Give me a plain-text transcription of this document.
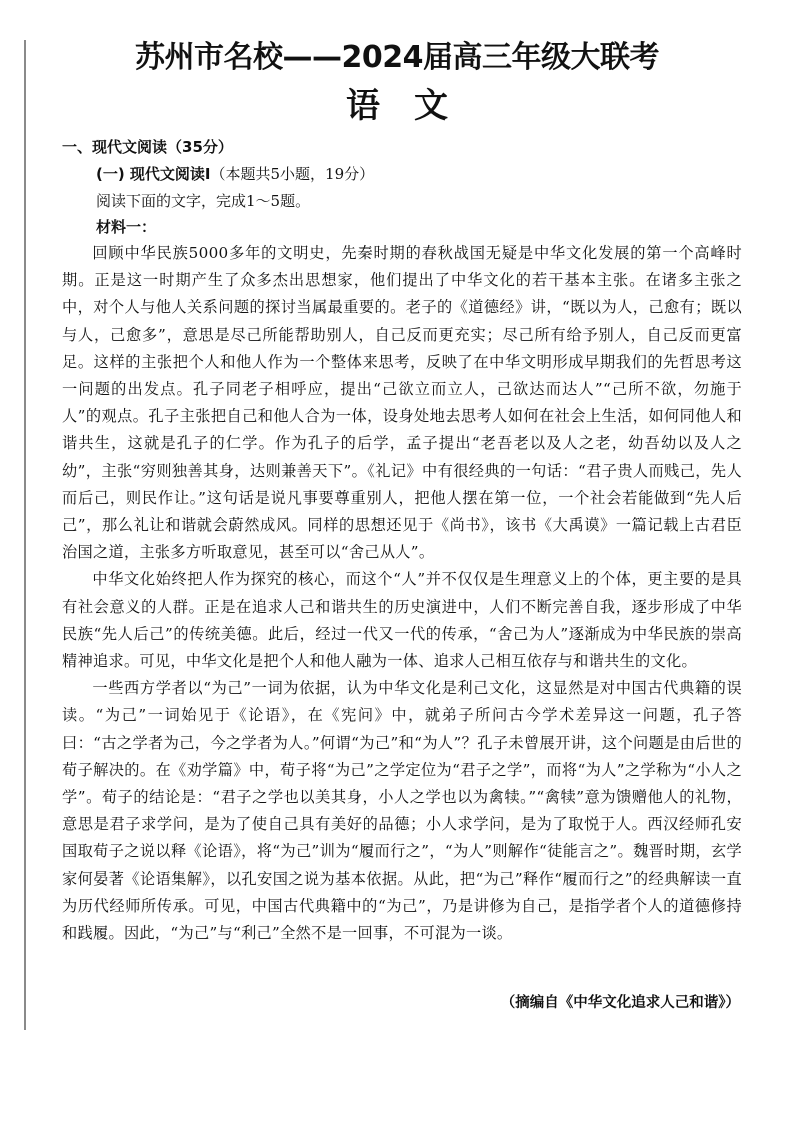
苏州市名校——2024届高三年级大联考
语文

一、现代文阅读（35分）

(一) 现代文阅读Ⅰ（本题共5小题，19分）

阅读下面的文字，完成1～5题。

材料一：

回顾中华民族5000多年的文明史，先秦时期的春秋战国无疑是中华文化发展的第一个高峰时期。正是这一时期产生了众多杰出思想家，他们提出了中华文化的若干基本主张。在诸多主张之中，对个人与他人关系问题的探讨当属最重要的。老子的《道德经》讲，“既以为人，己愈有；既以与人，己愈多”，意思是尽己所能帮助别人，自己反而更充实；尽己所有给予别人，自己反而更富足。这样的主张把个人和他人作为一个整体来思考，反映了在中华文明形成早期我们的先哲思考这一问题的出发点。孔子同老子相呼应，提出“己欲立而立人，己欲达而达人”“己所不欲，勿施于人”的观点。孔子主张把自己和他人合为一体，设身处地去思考人如何在社会上生活，如何同他人和谐共生，这就是孔子的仁学。作为孔子的后学，孟子提出“老吾老以及人之老，幼吾幼以及人之幼”，主张“穷则独善其身，达则兼善天下”。《礼记》中有很经典的一句话：“君子贵人而贱己，先人而后己，则民作让。”这句话是说凡事要尊重别人，把他人摆在第一位，一个社会若能做到“先人后己”，那么礼让和谐就会蔚然成风。同样的思想还见于《尚书》，该书《大禹谟》一篇记载上古君臣治国之道，主张多方听取意见，甚至可以“舍己从人”。

中华文化始终把人作为探究的核心，而这个“人”并不仅仅是生理意义上的个体，更主要的是具有社会意义的人群。正是在追求人己和谐共生的历史演进中，人们不断完善自我，逐步形成了中华民族“先人后己”的传统美德。此后，经过一代又一代的传承，“舍己为人”逐渐成为中华民族的崇高精神追求。可见，中华文化是把个人和他人融为一体、追求人己相互依存与和谐共生的文化。

一些西方学者以“为己”一词为依据，认为中华文化是利己文化，这显然是对中国古代典籍的误读。“为己”一词始见于《论语》，在《宪问》中，就弟子所问古今学术差异这一问题，孔子答曰：“古之学者为己，今之学者为人。”何谓“为己”和“为人”？孔子未曾展开讲，这个问题是由后世的荀子解决的。在《劝学篇》中，荀子将“为己”之学定位为“君子之学”，而将“为人”之学称为“小人之学”。荀子的结论是：“君子之学也以美其身，小人之学也以为禽犊。”“禽犊”意为馈赠他人的礼物，意思是君子求学问，是为了使自己具有美好的品德；小人求学问，是为了取悦于人。西汉经师孔安国取荀子之说以释《论语》，将“为己”训为“履而行之”，“为人”则解作“徒能言之”。魏晋时期，玄学家何晏著《论语集解》，以孔安国之说为基本依据。从此，把“为己”释作“履而行之”的经典解读一直为历代经师所传承。可见，中国古代典籍中的“为己”，乃是讲修为自己，是指学者个人的道德修持和践履。因此，“为己”与“利己”全然不是一回事，不可混为一谈。

（摘编自《中华文化追求人己和谐》）
